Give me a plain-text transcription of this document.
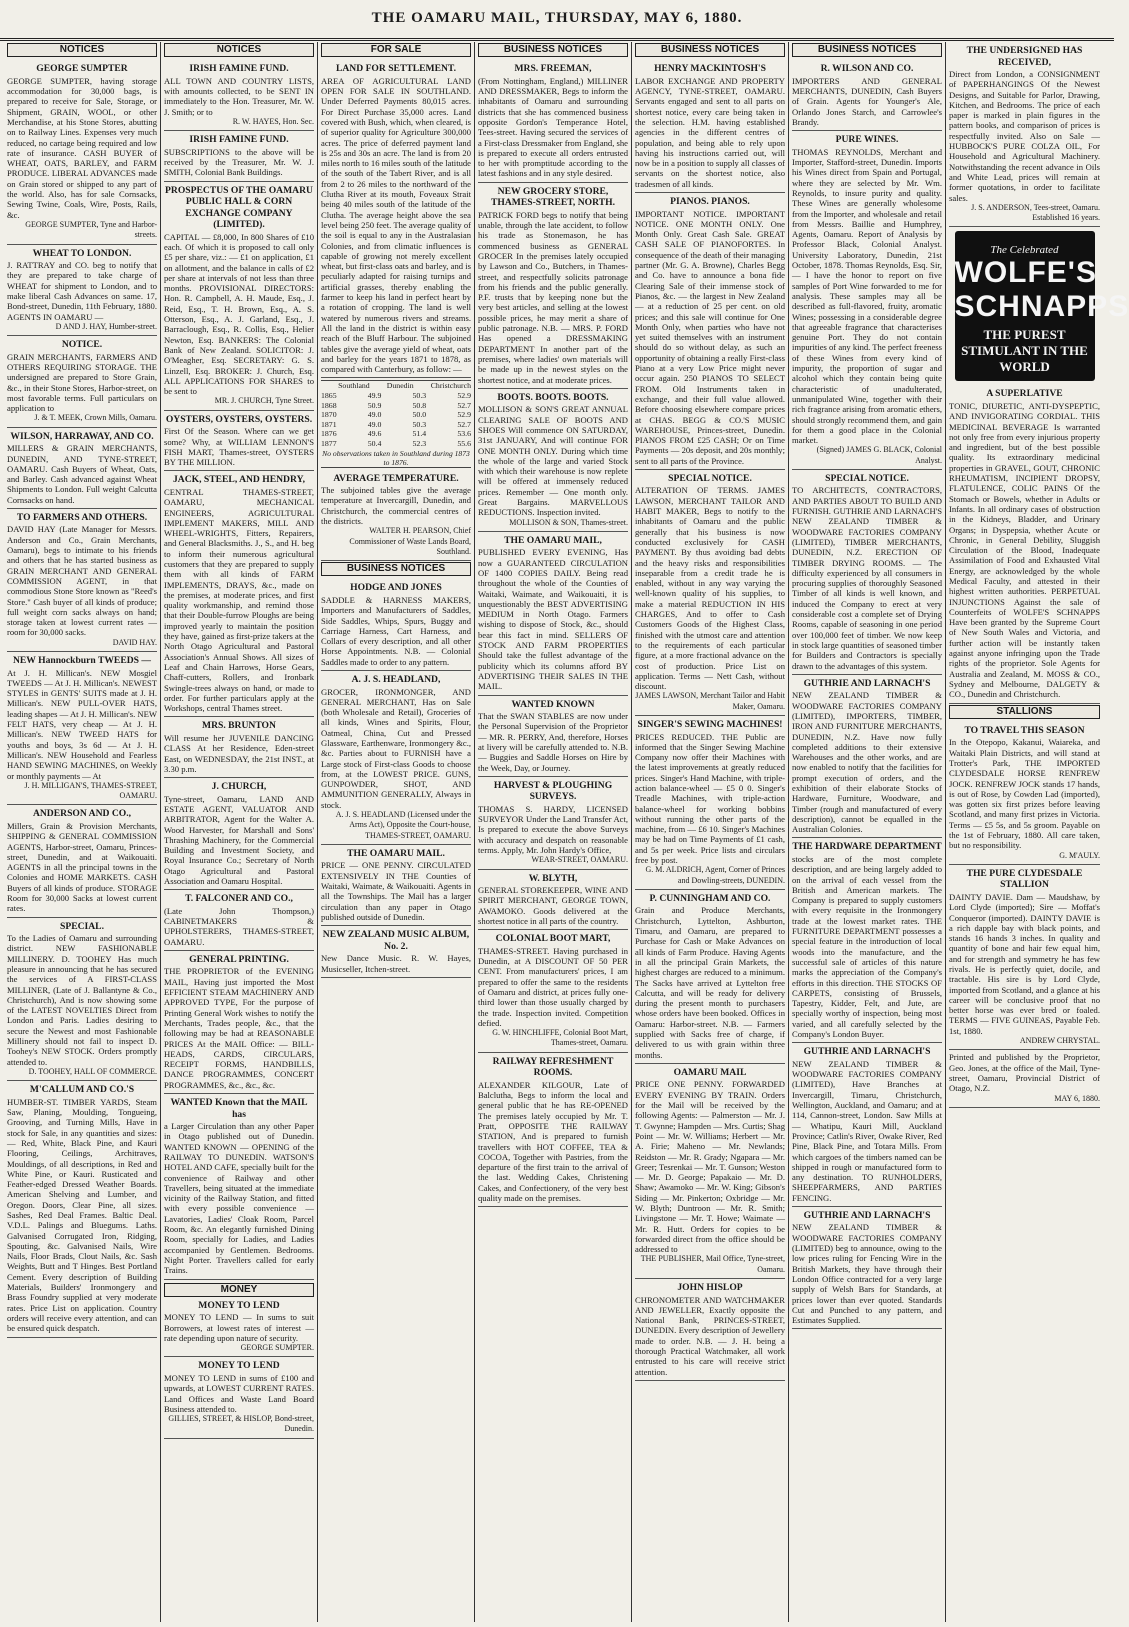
THE OAMARU MAIL, THURSDAY, MAY 6, 1880.
NOTICES
GEORGE SUMPTER
GEORGE SUMPTER, having storage accommodation for 30,000 bags, is prepared to receive for Sale, Storage, or Shipment, GRAIN, WOOL, or other Merchandise, at his Stone Stores, abutting on to Railway Lines. Expenses very much reduced, no cartage being required and low rate of insurance. CASH BUYER of WHEAT, OATS, BARLEY, and FARM PRODUCE. LIBERAL ADVANCES made on Grain stored or shipped to any part of the world. Also, has for sale Cornsacks, Sewing Twine, Coals, Wire, Posts, Rails, &c.
GEORGE SUMPTER, Tyne and Harbor-streets.
WHEAT TO LONDON.
J. RATTRAY and CO. beg to notify that they are prepared to take charge of WHEAT for shipment to London, and to make liberal Cash Advances on same. 17, Bond-street, Dunedin, 11th February, 1880. AGENTS IN OAMARU —
D AND J. HAY, Humber-street.
NOTICE.
GRAIN MERCHANTS, FARMERS AND OTHERS REQUIRING STORAGE. THE undersigned are prepared to Store Grain, &c., in their Stone Stores, Harbor-street, on most favorable terms. Full particulars on application to
J. & T. MEEK, Crown Mills, Oamaru.
WILSON, HARRAWAY, AND CO.
MILLERS & GRAIN MERCHANTS, DUNEDIN, AND TYNE-STREET, OAMARU. Cash Buyers of Wheat, Oats, and Barley. Cash advanced against Wheat Shipments to London. Full weight Calcutta Cornsacks on hand.
TO FARMERS AND OTHERS.
DAVID HAY (Late Manager for Messrs. Anderson and Co., Grain Merchants, Oamaru), begs to intimate to his friends and others that he has started business as GRAIN MERCHANT AND GENERAL COMMISSION AGENT, in that commodious Stone Store known as "Reed's Store." Cash buyer of all kinds of produce; full weight corn sacks always on hand; storage taken at lowest current rates — room for 30,000 sacks.
DAVID HAY.
NEW Hannockburn TWEEDS —
At J. H. Millican's. NEW Mosgiel TWEEDS — At J. H. Millican's. NEWEST STYLES in GENTS' SUITS made at J. H. Millican's. NEW PULL-OVER HATS, leading shapes — At J. H. Millican's. NEW FELT HATS, very cheap — At J. H. Millican's. NEW TWEED HATS for youths and boys, 3s 6d — At J. H. Millican's. NEW Household and Fearless HAND SEWING MACHINES, on Weekly or monthly payments — At
J. H. MILLIGAN'S, THAMES-STREET, OAMARU.
ANDERSON AND CO.,
Millers, Grain & Provision Merchants, SHIPPING & GENERAL COMMISSION AGENTS, Harbor-street, Oamaru, Princes-street, Dunedin, and at Waikouaiti. AGENTS in all the principal towns in the Colonies and HOME MARKETS. CASH Buyers of all kinds of produce. STORAGE Room for 30,000 Sacks at lowest current rates.
SPECIAL.
To the Ladies of Oamaru and surrounding district. NEW FASHIONABLE MILLINERY. D. TOOHEY Has much pleasure in announcing that he has secured the services of A FIRST-CLASS MILLINER, (Late of J. Ballantyne & Co., Christchurch), And is now showing some of the LATEST NOVELTIES Direct from London and Paris. Ladies desiring to secure the Newest and most Fashionable Millinery should not fail to inspect D. Toohey's NEW STOCK. Orders promptly attended to.
D. TOOHEY, HALL OF COMMERCE.
M'CALLUM AND CO.'S
HUMBER-ST. TIMBER YARDS, Steam Saw, Planing, Moulding, Tongueing, Grooving, and Turning Mills, Have in stock for Sale, in any quantities and sizes: — Red, White, Black Pine, and Kauri Flooring, Ceilings, Architraves, Mouldings, of all descriptions, in Red and White Pine, or Kauri. Rusticated and Feather-edged Dressed Weather Boards. American Shelving and Lumber, and Oregon. Doors, Clear Pine, all sizes. Sashes, Red Deal Frames. Baltic Deal. V.D.L. Palings and Bluegums. Laths. Galvanised Corrugated Iron, Ridging, Spouting, &c. Galvanised Nails, Wire Nails, Floor Brads, Clout Nails, &c. Sash Weights, Butt and T Hinges. Best Portland Cement. Every description of Building Materials, Builders' Ironmongery and Brass Foundry supplied at very moderate rates. Price List on application. Country orders will receive every attention, and can be ensured quick despatch.
NOTICES
IRISH FAMINE FUND.
ALL TOWN AND COUNTRY LISTS, with amounts collected, to be SENT IN immediately to the Hon. Treasurer, Mr. W. J. Smith; or to
R. W. HAYES, Hon. Sec.
IRISH FAMINE FUND.
SUBSCRIPTIONS to the above will be received by the Treasurer, Mr. W. J. SMITH, Colonial Bank Buildings.
PROSPECTUS OF THE OAMARU PUBLIC HALL & CORN EXCHANGE COMPANY (LIMITED).
CAPITAL — £8,000, In 800 Shares of £10 each. Of which it is proposed to call only £5 per share, viz.: — £1 on application, £1 on allotment, and the balance in calls of £2 per share at intervals of not less than three months. PROVISIONAL DIRECTORS: Hon. R. Campbell, A. H. Maude, Esq., J. Reid, Esq., T. H. Brown, Esq., A. S. Otterson, Esq., A. J. Garland, Esq., J. Barraclough, Esq., R. Collis, Esq., Helier Newton, Esq. BANKERS: The Colonial Bank of New Zealand. SOLICITOR: J. O'Meagher, Esq. SECRETARY: G. S. Linzell, Esq. BROKER: J. Church, Esq. ALL APPLICATIONS FOR SHARES to be sent to
MR. J. CHURCH, Tyne Street.
OYSTERS, OYSTERS, OYSTERS.
First Of the Season. Where can we get some? Why, at WILLIAM LENNON'S FISH MART, Thames-street, OYSTERS BY THE MILLION.
JACK, STEEL, AND HENDRY,
CENTRAL THAMES-STREET, OAMARU, MECHANICAL ENGINEERS, AGRICULTURAL IMPLEMENT MAKERS, MILL AND WHEEL-WRIGHTS, Fitters, Repairers, and General Blacksmiths. J., S., and H. beg to inform their numerous agricultural customers that they are prepared to supply them with all kinds of FARM IMPLEMENTS, DRAYS, &c., made on the premises, at moderate prices, and first quality workmanship, and remind those that their Double-furrow Ploughs are being improved yearly to maintain the position they have, gained as first-prize takers at the North Otago Agricultural and Pastoral Association's Annual Shows. All sizes of Leaf and Chain Harrows, Horse Gears, Chaff-cutters, Rollers, and Ironbark Swingle-trees always on hand, or made to order. For further particulars apply at the Workshops, central Thames street.
MRS. BRUNTON
Will resume her JUVENILE DANCING CLASS At her Residence, Eden-street East, on WEDNESDAY, the 21st INST., at 3.30 p.m.
J. CHURCH,
Tyne-street, Oamaru, LAND AND ESTATE AGENT, VALUATOR AND ARBITRATOR, Agent for the Walter A. Wood Harvester, for Marshall and Sons' Thrashing Machinery, for the Commercial Building and Investment Society, and Royal Insurance Co.; Secretary of North Otago Agricultural and Pastoral Association and Oamaru Hospital.
T. FALCONER AND CO.,
(Late John Thompson,) CABINETMAKERS & UPHOLSTERERS, THAMES-STREET, OAMARU.
GENERAL PRINTING.
THE PROPRIETOR of the EVENING MAIL, Having just imported the Most EFFICIENT STEAM MACHINERY AND APPROVED TYPE, For the purpose of Printing General Work wishes to notify the Merchants, Trades people, &c., that the following may be had at REASONABLE PRICES At the MAIL Office: — BILL-HEADS, CARDS, CIRCULARS, RECEIPT FORMS, HANDBILLS, DANCE PROGRAMMES, CONCERT PROGRAMMES, &c., &c., &c.
WANTED Known that the MAIL has
a Larger Circulation than any other Paper in Otago published out of Dunedin. WANTED KNOWN — OPENING of the RAILWAY TO DUNEDIN. WATSON'S HOTEL AND CAFE, specially built for the convenience of Railway and other Travellers, being situated at the immediate vicinity of the Railway Station, and fitted with every possible convenience — Lavatories, Ladies' Cloak Room, Parcel Room, &c. An elegantly furnished Dining Room, specially for Ladies, and Ladies accompanied by Gentlemen. Bedrooms. Night Porter. Travellers called for early Trains.
MONEY
MONEY TO LEND
MONEY TO LEND — In sums to suit Borrowers, at lowest rates of interest — rate depending upon nature of security.
GEORGE SUMPTER.
MONEY TO LEND
MONEY TO LEND in sums of £100 and upwards, at LOWEST CURRENT RATES. Land Offices and Waste Land Board Business attended to.
GILLIES, STREET, & HISLOP, Bond-street, Dunedin.
FOR SALE
LAND FOR SETTLEMENT.
AREA OF AGRICULTURAL LAND OPEN FOR SALE IN SOUTHLAND. Under Deferred Payments 80,015 acres. For Direct Purchase 35,000 acres. Land covered with Bush, which, when cleared, is of superior quality for Agriculture 300,000 acres. The price of deferred payment land is 25s and 30s an acre. The land is from 20 miles north to 16 miles south of the latitude of the south of the Tabert River, and is all from 2 to 26 miles to the northward of the Clutha River at its mouth, Foveaux Strait being 40 miles south of the latitude of the Clutha. The average height above the sea level being 250 feet. The average quality of the soil is equal to any in the Australasian Colonies, and from climatic influences is capable of growing not merely excellent wheat, but first-class oats and barley, and is peculiarly adapted for raising turnips and artificial grasses, thereby enabling the farmer to keep his land in perfect heart by a rotation of cropping. The land is well watered by numerous rivers and streams. All the land in the district is within easy reach of the Bluff Harbour. The subjoined tables give the average yield of wheat, oats and barley for the years 1871 to 1878, as compared with Canterbury, as follow: —
Southland Dunedin Christchurch
1865	49.9	50.3	52.9
1868	50.9	50.8	52.7
1870	49.0	50.0	52.9
1871	49.0	50.3	52.7
1876	49.6	51.4	53.6
1877	50.4	52.3	55.6
No observations taken in Southland during 1873 to 1876.
AVERAGE TEMPERATURE.
The subjoined tables give the average temperature at Invercargill, Dunedin, and Christchurch, the commercial centres of the districts.
WALTER H. PEARSON, Chief Commissioner of Waste Lands Board, Southland.
BUSINESS NOTICES
HODGE AND JONES
SADDLE & HARNESS MAKERS, Importers and Manufacturers of Saddles, Side Saddles, Whips, Spurs, Buggy and Carriage Harness, Cart Harness, and Collars of every description, and all other Horse Appointments. N.B. — Colonial Saddles made to order to any pattern.
A. J. S. HEADLAND,
GROCER, IRONMONGER, AND GENERAL MERCHANT, Has on Sale (both Wholesale and Retail), Groceries of all kinds, Wines and Spirits, Flour, Oatmeal, China, Cut and Pressed Glassware, Earthenware, Ironmongery &c., &c. Parties about to FURNISH have a Large stock of First-class Goods to choose from, at the LOWEST PRICE. GUNS, GUNPOWDER, SHOT, AND AMMUNITION GENERALLY, Always in stock.
A. J. S. HEADLAND (Licensed under the Arms Act), Opposite the Court-house, THAMES-STREET, OAMARU.
THE OAMARU MAIL.
PRICE — ONE PENNY. CIRCULATED EXTENSIVELY IN THE Counties of Waitaki, Waimate, & Waikouaiti. Agents in all the Townships. The Mail has a larger circulation than any paper in Otago published outside of Dunedin.
NEW ZEALAND MUSIC ALBUM, No. 2.
New Dance Music. R. W. Hayes, Musicseller, Itchen-street.
BUSINESS NOTICES
MRS. FREEMAN,
(From Nottingham, England,) MILLINER AND DRESSMAKER, Begs to inform the inhabitants of Oamaru and surrounding districts that she has commenced business opposite Gordon's Temperance Hotel, Tees-street. Having secured the services of a First-class Dressmaker from England, she is prepared to execute all orders entrusted to her with promptitude according to the latest fashions and in any style desired.
NEW GROCERY STORE, THAMES-STREET, NORTH.
PATRICK FORD begs to notify that being unable, through the late accident, to follow his trade as Stonemason, he has commenced business as GENERAL GROCER In the premises lately occupied by Lawson and Co., Butchers, in Thames-street, and respectfully solicits patronage from his friends and the public generally. P.F. trusts that by keeping none but the very best articles, and selling at the lowest possible prices, he may merit a share of public patronage. N.B. — MRS. P. FORD Has opened a DRESSMAKING DEPARTMENT In another part of the premises, where ladies' own materials will be made up in the newest styles on the shortest notice, and at moderate prices.
BOOTS. BOOTS. BOOTS.
MOLLISON & SON'S GREAT ANNUAL CLEARING SALE OF BOOTS AND SHOES Will commence ON SATURDAY, 31st JANUARY, And will continue FOR ONE MONTH ONLY. During which time the whole of the large and varied Stock with which their warehouse is now replete will be offered at immensely reduced prices. Remember — One month only. Great Bargains. MARVELLOUS REDUCTIONS. Inspection invited.
MOLLISON & SON, Thames-street.
THE OAMARU MAIL,
PUBLISHED EVERY EVENING, Has now a GUARANTEED CIRCULATION OF 1400 COPIES DAILY. Being read throughout the whole of the Counties of Waitaki, Waimate, and Waikouaiti, it is unquestionably the BEST ADVERTISING MEDIUM in North Otago. Farmers wishing to dispose of Stock, &c., should bear this fact in mind. SELLERS OF STOCK AND FARM PROPERTIES Should take the fullest advantage of the publicity which its columns afford BY ADVERTISING THEIR SALES IN THE MAIL.
WANTED KNOWN
That the SWAN STABLES are now under the Personal Supervision of the Proprietor — MR. R. PERRY, And, therefore, Horses at livery will be carefully attended to. N.B. — Buggies and Saddle Horses on Hire by the Week, Day, or Journey.
HARVEST & PLOUGHING SURVEYS.
THOMAS S. HARDY, LICENSED SURVEYOR Under the Land Transfer Act, Is prepared to execute the above Surveys with accuracy and despatch on reasonable terms. Apply, Mr. John Hardy's Office,
WEAR-STREET, OAMARU.
W. BLYTH,
GENERAL STOREKEEPER, WINE AND SPIRIT MERCHANT, GEORGE TOWN, AWAMOKO. Goods delivered at the shortest notice in all parts of the country.
COLONIAL BOOT MART,
THAMES-STREET. Having purchased in Dunedin, at A DISCOUNT OF 50 PER CENT. From manufacturers' prices, I am prepared to offer the same to the residents of Oamaru and district, at prices fully one-third lower than those usually charged by the trade. Inspection invited. Competition defied.
G. W. HINCHLIFFE, Colonial Boot Mart, Thames-street, Oamaru.
RAILWAY REFRESHMENT ROOMS.
ALEXANDER KILGOUR, Late of Balclutha, Begs to inform the local and general public that he has RE-OPENED The premises lately occupied by Mr. T. Pratt, OPPOSITE THE RAILWAY STATION, And is prepared to furnish travellers with HOT COFFEE, TEA & COCOA, Together with Pastries, from the departure of the first train to the arrival of the last. Wedding Cakes, Christening Cakes, and Confectionery, of the very best quality made on the premises.
BUSINESS NOTICES
HENRY MACKINTOSH'S
LABOR EXCHANGE AND PROPERTY AGENCY, TYNE-STREET, OAMARU. Servants engaged and sent to all parts on shortest notice, every care being taken in the selection. H.M. having established agencies in the different centres of population, and being able to rely upon having his instructions carried out, will now be in a position to supply all classes of servants on the shortest notice, also tradesmen of all kinds.
PIANOS. PIANOS.
IMPORTANT NOTICE. IMPORTANT NOTICE. ONE MONTH ONLY. One Month Only. Great Cash Sale. GREAT CASH SALE OF PIANOFORTES. In consequence of the death of their managing partner (Mr. G. A. Browne), Charles Begg and Co. have to announce a bona fide Clearing Sale of their immense stock of Pianos, &c. — the largest in New Zealand — at a reduction of 25 per cent. on old prices; and this sale will continue for One Month Only, when parties who have not yet suited themselves with an instrument should do so without delay, as such an opportunity of obtaining a really First-class Piano at a very Low Price might never occur again. 250 PIANOS TO SELECT FROM. Old Instruments taken in exchange, and their full value allowed. Before choosing elsewhere compare prices at CHAS. BEGG & CO.'S MUSIC WAREHOUSE, Princes-street, Dunedin. PIANOS FROM £25 CASH; Or on Time Payments — 20s deposit, and 20s monthly; sent to all parts of the Province.
SPECIAL NOTICE.
ALTERATION OF TERMS. JAMES LAWSON, MERCHANT TAILOR AND HABIT MAKER, Begs to notify to the inhabitants of Oamaru and the public generally that his business is now conducted exclusively for CASH PAYMENT. By thus avoiding bad debts and the heavy risks and responsibilities inseparable from a credit trade he is enabled, without in any way varying the well-known quality of his supplies, to make a material REDUCTION IN HIS CHARGES, And to offer to Cash Customers Goods of the Highest Class, finished with the utmost care and attention to the requirements of each particular figure, at a more fractional advance on the cost of production. Price List on application. Terms — Nett Cash, without discount.
JAMES LAWSON, Merchant Tailor and Habit Maker, Oamaru.
SINGER'S SEWING MACHINES!
PRICES REDUCED. THE Public are informed that the Singer Sewing Machine Company now offer their Machines with the latest improvements at greatly reduced prices. Singer's Hand Machine, with triple-action balance-wheel — £5 0 0. Singer's Treadle Machines, with triple-action balance-wheel for working bobbins without running the other parts of the machine, from — £6 10. Singer's Machines may be had on Time Payments of £1 cash, and 5s per week. Price lists and circulars free by post.
G. M. ALDRICH, Agent, Corner of Princes and Dowling-streets, DUNEDIN.
P. CUNNINGHAM AND CO.
Grain and Produce Merchants, Christchurch, Lyttelton, Ashburton, Timaru, and Oamaru, are prepared to Purchase for Cash or Make Advances on all kinds of Farm Produce. Having Agents in all the principal Grain Markets, the highest charges are reduced to a minimum. The Sacks have arrived at Lyttelton free Calcutta, and will be ready for delivery during the present month to purchasers whose orders have been booked. Offices in Oamaru: Harbor-street. N.B. — Farmers supplied with Sacks free of charge, if delivered to us with grain within three months.
OAMARU MAIL
PRICE ONE PENNY. FORWARDED EVERY EVENING BY TRAIN. Orders for the Mail will be received by the following Agents: — Palmerston — Mr. J. T. Gwynne; Hampden — Mrs. Curtis; Shag Point — Mr. W. Williams; Herbert — Mr. A. Firie; Maheno — Mr. Newlands; Reidston — Mr. R. Grady; Ngapara — Mr. Greer; Tesrenkai — Mr. T. Gunson; Weston — Mr. D. George; Papakaio — Mr. D. Shaw; Awamoko — Mr. W. King; Gibson's Siding — Mr. Pinkerton; Oxbridge — Mr. W. Blyth; Duntroon — Mr. R. Smith; Livingstone — Mr. T. Howe; Waimate — Mr. R. Hutt. Orders for copies to be forwarded direct from the office should be addressed to
THE PUBLISHER, Mail Office, Tyne-street, Oamaru.
JOHN HISLOP
CHRONOMETER AND WATCHMAKER AND JEWELLER, Exactly opposite the National Bank, PRINCES-STREET, DUNEDIN. Every description of Jewellery made to order. N.B. — J. H. being a thorough Practical Watchmaker, all work entrusted to his care will receive strict attention.
BUSINESS NOTICES
R. WILSON AND CO.
IMPORTERS AND GENERAL MERCHANTS, DUNEDIN, Cash Buyers of Grain. Agents for Younger's Ale, Orlando Jones Starch, and Carrowlee's Brandy.
PURE WINES.
THOMAS REYNOLDS, Merchant and Importer, Stafford-street, Dunedin. Imports his Wines direct from Spain and Portugal, where they are selected by Mr. Wm. Reynolds, to insure purity and quality. These Wines are generally wholesome from the Importer, and wholesale and retail from Messrs. Baillie and Humphrey, Agents, Oamaru. Report of Analysis by Professor Black, Colonial Analyst. University Laboratory, Dunedin, 21st October, 1878. Thomas Reynolds, Esq. Sir, — I have the honor to report on five samples of Port Wine forwarded to me for analysis. These samples may all be described as full-flavored, fruity, aromatic Wines; possessing in a considerable degree that agreeable fragrance that characterises genuine Port. They do not contain impurities of any kind. The perfect freeness of these Wines from every kind of impurity, the proportion of sugar and alcohol which they contain being quite characteristic of unadulterated, unmanipulated Wine, together with their rich fragrance arising from aromatic ethers, should strongly recommend them, and gain for them a good place in the Colonial market.
(Signed) JAMES G. BLACK, Colonial Analyst.
SPECIAL NOTICE.
TO ARCHITECTS, CONTRACTORS, AND PARTIES ABOUT TO BUILD AND FURNISH. GUTHRIE AND LARNACH'S NEW ZEALAND TIMBER & WOODWARE FACTORIES COMPANY (LIMITED), TIMBER MERCHANTS, DUNEDIN, N.Z. ERECTION OF TIMBER DRYING ROOMS. — The difficulty experienced by all consumers in procuring supplies of thoroughly Seasoned Timber of all kinds is well known, and induced the Company to erect at very considerable cost a complete set of Drying Rooms, capable of seasoning in one period over 100,000 feet of timber. We now keep in stock large quantities of seasoned timber for Builders and Contractors is specially drawn to the advantages of this system.
GUTHRIE AND LARNACH'S
NEW ZEALAND TIMBER & WOODWARE FACTORIES COMPANY (LIMITED), IMPORTERS, TIMBER, IRON AND FURNITURE MERCHANTS, DUNEDIN, N.Z. Have now fully completed additions to their extensive Warehouses and the other works, and are now enabled to notify that the facilities for prompt execution of orders, and the exhibition of their elaborate Stocks of Hardware, Furniture, Woodware, and Timber (rough and manufactured of every description), cannot be equalled in the Australian Colonies.
THE HARDWARE DEPARTMENT
stocks are of the most complete description, and are being largely added to on the arrival of each vessel from the British and American markets. The Company is prepared to supply customers with every requisite in the Ironmongery trade at the lowest market rates. THE FURNITURE DEPARTMENT possesses a special feature in the introduction of local woods into the manufacture, and the successful sale of articles of this nature marks the appreciation of the Company's efforts in this direction. THE STOCKS OF CARPETS, consisting of Brussels, Tapestry, Kidder, Felt, and Jute, are specially worthy of inspection, being most varied, and all carefully selected by the Company's London Buyer.
GUTHRIE AND LARNACH'S
NEW ZEALAND TIMBER & WOODWARE FACTORIES COMPANY (LIMITED), Have Branches at Invercargill, Timaru, Christchurch, Wellington, Auckland, and Oamaru; and at 114, Cannon-street, London. Saw Mills at — Whatipu, Kauri Mill, Auckland Province; Catlin's River, Owake River, Red Pine, Black Pine, and Totara Mills. From which cargoes of the timbers named can be shipped in rough or manufactured form to any destination. TO RUNHOLDERS, SHEEPFARMERS, AND PARTIES FENCING.
GUTHRIE AND LARNACH'S
NEW ZEALAND TIMBER & WOODWARE FACTORIES COMPANY (LIMITED) beg to announce, owing to the low prices ruling for Fencing Wire in the British Markets, they have through their London Office contracted for a very large supply of Welsh Bars for Standards, at prices lower than ever quoted. Standards Cut and Punched to any pattern, and Estimates Supplied.
THE UNDERSIGNED HAS RECEIVED,
Direct from London, a CONSIGNMENT of PAPERHANGINGS Of the Newest Designs, and Suitable for Parlor, Drawing, Kitchen, and Bedrooms. The price of each paper is marked in plain figures in the pattern books, and comparison of prices is respectfully invited. Also on Sale — HUBBOCK'S PURE COLZA OIL, For Household and Agricultural Machinery. Notwithstanding the recent advance in Oils and White Lead, prices will remain at former quotations, in order to facilitate sales.
J. S. ANDERSON, Tees-street, Oamaru. Established 16 years.
The Celebrated
WOLFE'S
SCHNAPPS
THE PUREST STIMULANT IN THE WORLD
A SUPERLATIVE
TONIC, DIURETIC, ANTI-DYSPEPTIC, AND INVIGORATING CORDIAL. THIS MEDICINAL BEVERAGE Is warranted not only free from every injurious property and ingredient, but of the best possible quality. Its extraordinary medicinal properties in GRAVEL, GOUT, CHRONIC RHEUMATISM, INCIPIENT DROPSY, FLATULENCE, COLIC PAINS Of the Stomach or Bowels, whether in Adults or Infants. In all ordinary cases of obstruction in the Kidneys, Bladder, and Urinary Organs; in Dyspepsia, whether Acute or Chronic, in General Debility, Sluggish Circulation of the Blood, Inadequate Assimilation of Food and Exhausted Vital Energy, are acknowledged by the whole Medical Faculty, and attested in their highest written authorities. PERPETUAL INJUNCTIONS Against the sale of Counterfeits of WOLFE'S SCHNAPPS Have been granted by the Supreme Court of New South Wales and Victoria, and further action will be instantly taken against anyone infringing upon the Trade rights of the proprietor. Sole Agents for Australia and Zealand, M. MOSS & CO., Sydney and Melbourne, DALGETY & CO., Dunedin and Christchurch.
STALLIONS
TO TRAVEL THIS SEASON
In the Otepopo, Kakanui, Waiareka, and Waitaki Plain Districts, and will stand at Trotter's Park, THE IMPORTED CLYDESDALE HORSE RENFREW JOCK. RENFREW JOCK stands 17 hands, is out of Rose, by Cowden Lad (imported), was gotten six first prizes before leaving Scotland, and many first prizes in Victoria. Terms — £5 5s, and 5s groom. Payable on the 1st of February, 1880. All care taken, but no responsibility.
G. M'AULY.
THE PURE CLYDESDALE STALLION
DAINTY DAVIE. Dam — Maudshaw, by Lord Clyde (imported); Sire — Moffat's Conqueror (imported). DAINTY DAVIE is a rich dapple bay with black points, and stands 16 hands 3 inches. In quality and quantity of bone and hair few equal him, and for strength and symmetry he has few rivals. He is perfectly quiet, docile, and tractable. His sire is by Lord Clyde, imported from Scotland, and a glance at his career will be conclusive proof that no better horse was ever bred or foaled. TERMS — FIVE GUINEAS, Payable Feb. 1st, 1880.
ANDREW CHRYSTAL.
Printed and published by the Proprietor, Geo. Jones, at the office of the Mail, Tyne-street, Oamaru, Provincial District of Otago, N.Z.
MAY 6, 1880.
